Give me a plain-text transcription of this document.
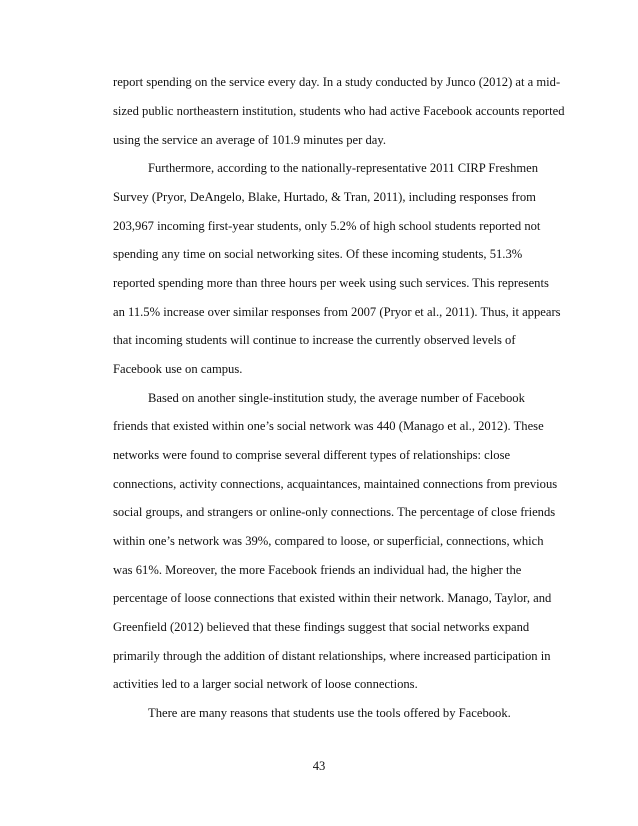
report spending on the service every day. In a study conducted by Junco (2012) at a mid-
sized public northeastern institution, students who had active Facebook accounts reported
using the service an average of 101.9 minutes per day.
Furthermore, according to the nationally-representative 2011 CIRP Freshmen
Survey (Pryor, DeAngelo, Blake, Hurtado, & Tran, 2011), including responses from
203,967 incoming first-year students, only 5.2% of high school students reported not
spending any time on social networking sites. Of these incoming students, 51.3%
reported spending more than three hours per week using such services. This represents
an 11.5% increase over similar responses from 2007 (Pryor et al., 2011). Thus, it appears
that incoming students will continue to increase the currently observed levels of
Facebook use on campus.
Based on another single-institution study, the average number of Facebook
friends that existed within one’s social network was 440 (Manago et al., 2012). These
networks were found to comprise several different types of relationships: close
connections, activity connections, acquaintances, maintained connections from previous
social groups, and strangers or online-only connections. The percentage of close friends
within one’s network was 39%, compared to loose, or superficial, connections, which
was 61%. Moreover, the more Facebook friends an individual had, the higher the
percentage of loose connections that existed within their network. Manago, Taylor, and
Greenfield (2012) believed that these findings suggest that social networks expand
primarily through the addition of distant relationships, where increased participation in
activities led to a larger social network of loose connections.
There are many reasons that students use the tools offered by Facebook.
43
